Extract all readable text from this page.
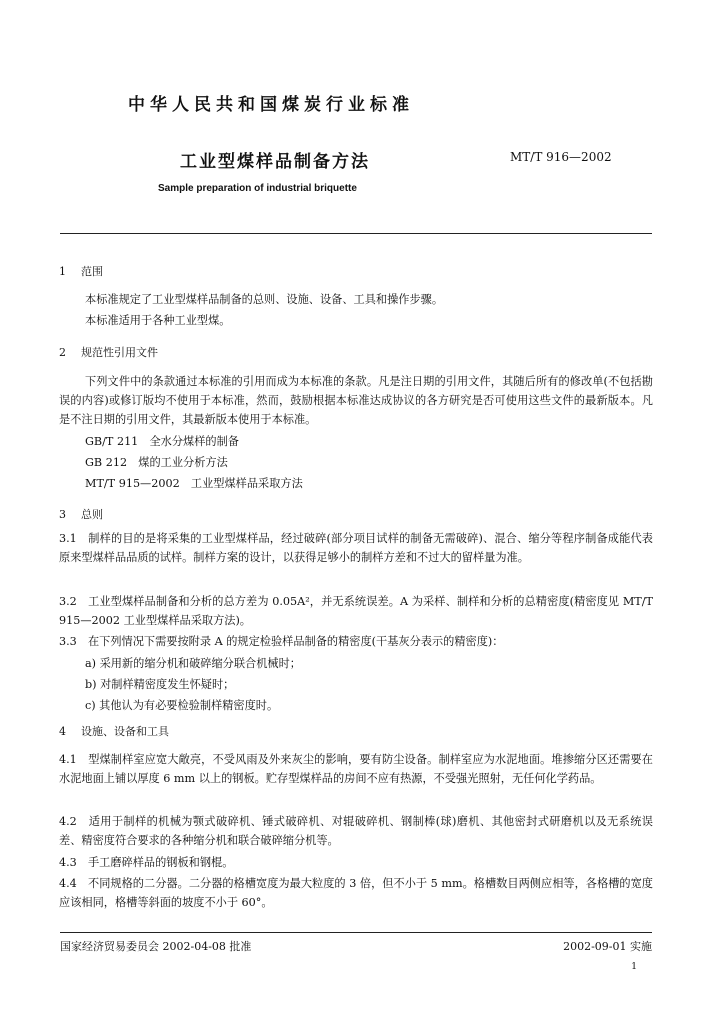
中华人民共和国煤炭行业标准
工业型煤样品制备方法	MT/T 916—2002
Sample preparation of industrial briquette
1 范围
本标准规定了工业型煤样品制备的总则、设施、设备、工具和操作步骤。
本标准适用于各种工业型煤。
2 规范性引用文件
下列文件中的条款通过本标准的引用而成为本标准的条款。凡是注日期的引用文件，其随后所有的修改单(不包括勘误的内容)或修订版均不使用于本标准，然而，鼓励根据本标准达成协议的各方研究是否可使用这些文件的最新版本。凡是不注日期的引用文件，其最新版本使用于本标准。
GB/T 211　全水分煤样的制备
GB 212　煤的工业分析方法
MT/T 915—2002　工业型煤样品采取方法
3 总则
3.1　制样的目的是将采集的工业型煤样品，经过破碎(部分项目试样的制备无需破碎)、混合、缩分等程序制备成能代表原来型煤样品品质的试样。制样方案的设计，以获得足够小的制样方差和不过大的留样量为准。
3.2　工业型煤样品制备和分析的总方差为 0.05A²，并无系统误差。A 为采样、制样和分析的总精密度(精密度见 MT/T 915—2002 工业型煤样品采取方法)。
3.3　在下列情况下需要按附录 A 的规定检验样品制备的精密度(干基灰分表示的精密度)：
a) 采用新的缩分机和破碎缩分联合机械时；
b) 对制样精密度发生怀疑时；
c) 其他认为有必要检验制样精密度时。
4 设施、设备和工具
4.1　型煤制样室应宽大敞亮，不受风雨及外来灰尘的影响，要有防尘设备。制样室应为水泥地面。堆掺缩分区还需要在水泥地面上铺以厚度 6 mm 以上的钢板。贮存型煤样品的房间不应有热源，不受强光照射，无任何化学药品。
4.2　适用于制样的机械为颚式破碎机、锤式破碎机、对辊破碎机、钢制棒(球)磨机、其他密封式研磨机以及无系统误差、精密度符合要求的各种缩分机和联合破碎缩分机等。
4.3　手工磨碎样品的钢板和钢棍。
4.4　不同规格的二分器。二分器的格槽宽度为最大粒度的 3 倍，但不小于 5 mm。格槽数目两侧应相等，各格槽的宽度应该相同，格槽等斜面的坡度不小于 60°。
国家经济贸易委员会 2002-04-08 批准	2002-09-01 实施
1
